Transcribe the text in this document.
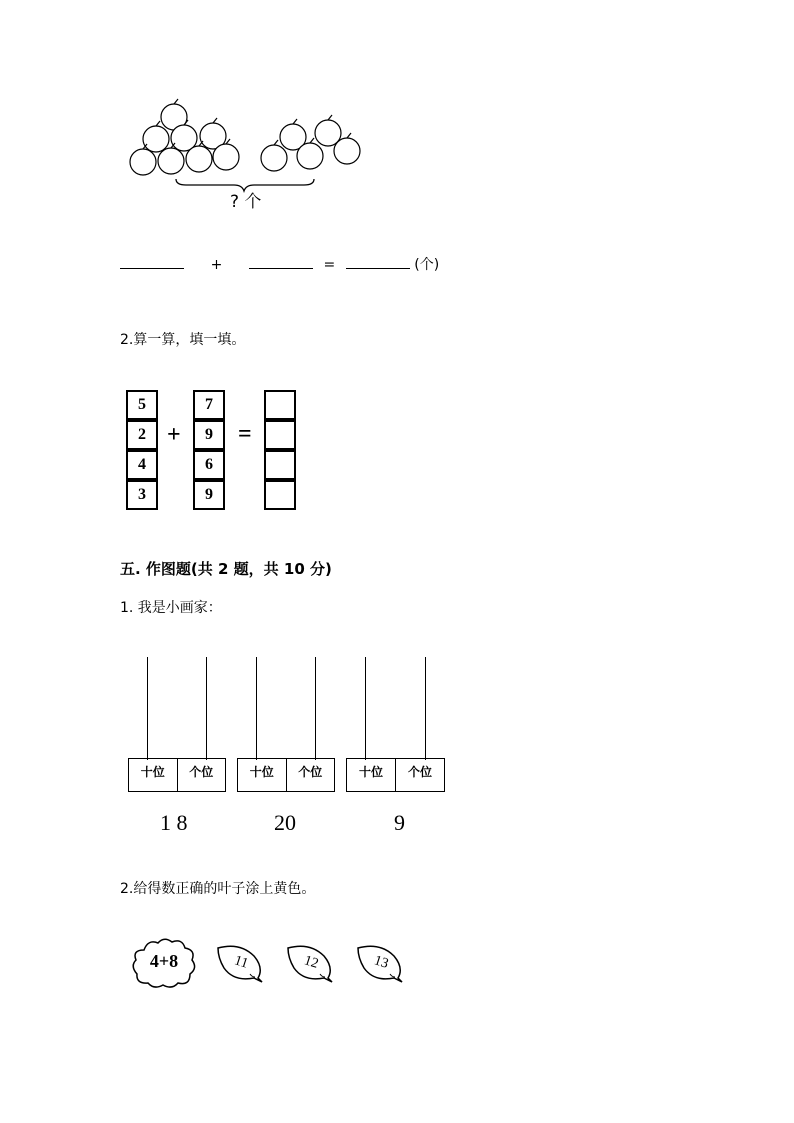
? 个
+	=	(个)
2.算一算，填一填。
5
2
4
3
+
7
9
6
9
=
五. 作图题(共 2 题，共 10 分)
1. 我是小画家：
十位	个位
1 8
十位	个位
20
十位	个位
9
2.给得数正确的叶子涂上黄色。
4+8	11	12	13
